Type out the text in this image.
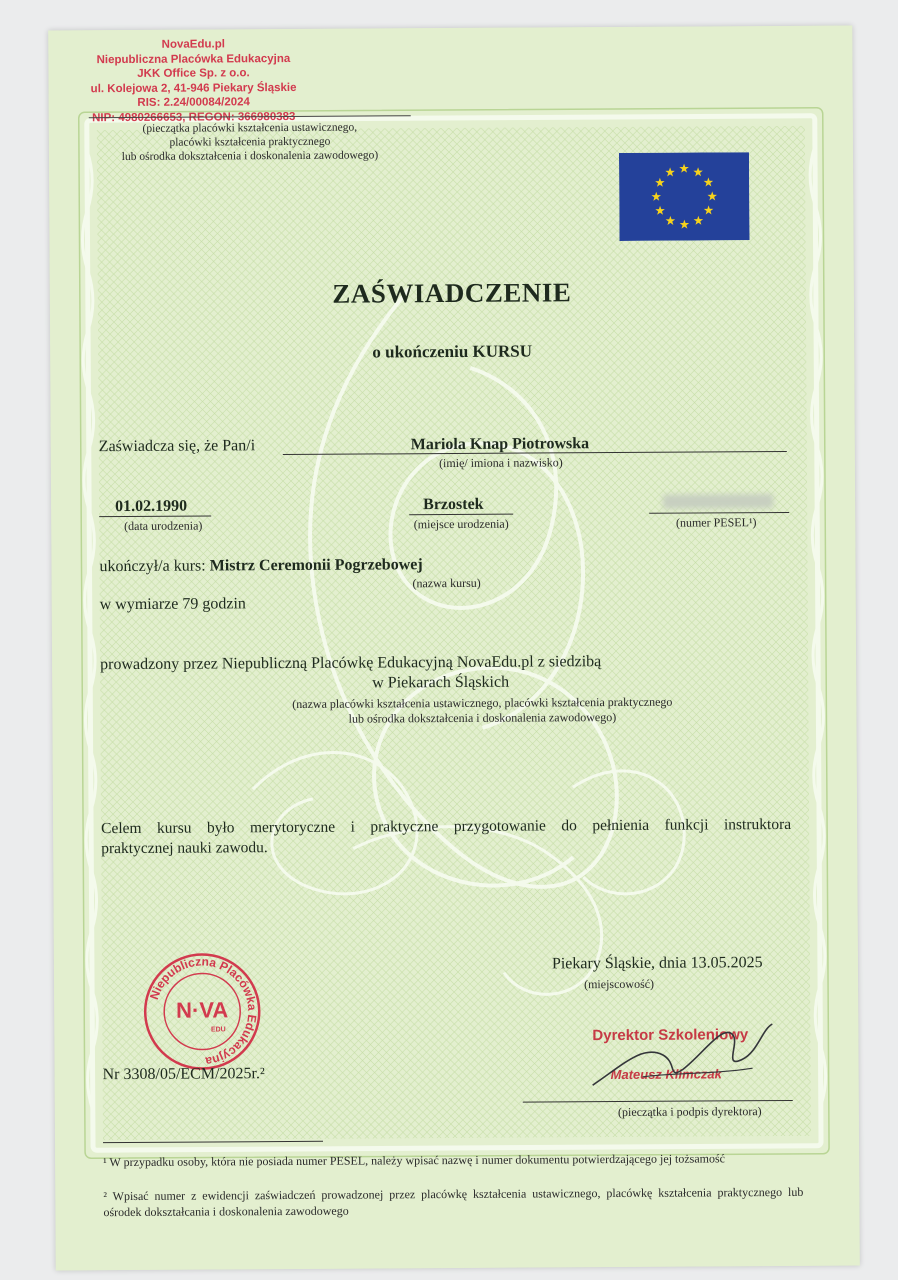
NovaEdu.pl
Niepubliczna Placówka Edukacyjna
JKK Office Sp. z o.o.
ul. Kolejowa 2, 41-946 Piekary Śląskie
RIS: 2.24/00084/2024
NIP: 4980266653, REGON: 366980383
(pieczątka placówki kształcenia ustawicznego,
placówki kształcenia praktycznego
lub ośrodka dokształcenia i doskonalenia zawodowego)
ZAŚWIADCZENIE
o ukończeniu KURSU
Zaświadcza się, że Pan/i	Mariola Knap Piotrowska
(imię/ imiona i nazwisko)
01.02.1990
(data urodzenia)
Brzostek
(miejsce urodzenia)	(numer PESEL¹)
ukończył/a kurs: Mistrz Ceremonii Pogrzebowej
(nazwa kursu)
w wymiarze 79 godzin
prowadzony przez Niepubliczną Placówkę Edukacyjną NovaEdu.pl z siedzibą
w Piekarach Śląskich
(nazwa placówki kształcenia ustawicznego, placówki kształcenia praktycznego
lub ośrodka dokształcenia i doskonalenia zawodowego)
Celem kursu było merytoryczne i praktyczne przygotowanie do pełnienia funkcji instruktora
praktycznej nauki zawodu.
Piekary Śląskie, dnia 13.05.2025
(miejscowość)
Niepubliczna Placówka Edukacyjna
N·VA
EDU
Nr 3308/05/ECM/2025r.²
Dyrektor Szkoleniowy
Mateusz Klimczak
(pieczątka i podpis dyrektora)
¹ W przypadku osoby, która nie posiada numer PESEL, należy wpisać nazwę i numer dokumentu potwierdzającego jej tożsamość
² Wpisać numer z ewidencji zaświadczeń prowadzonej przez placówkę kształcenia ustawicznego, placówkę kształcenia praktycznego lub ośrodek dokształcania i doskonalenia zawodowego
